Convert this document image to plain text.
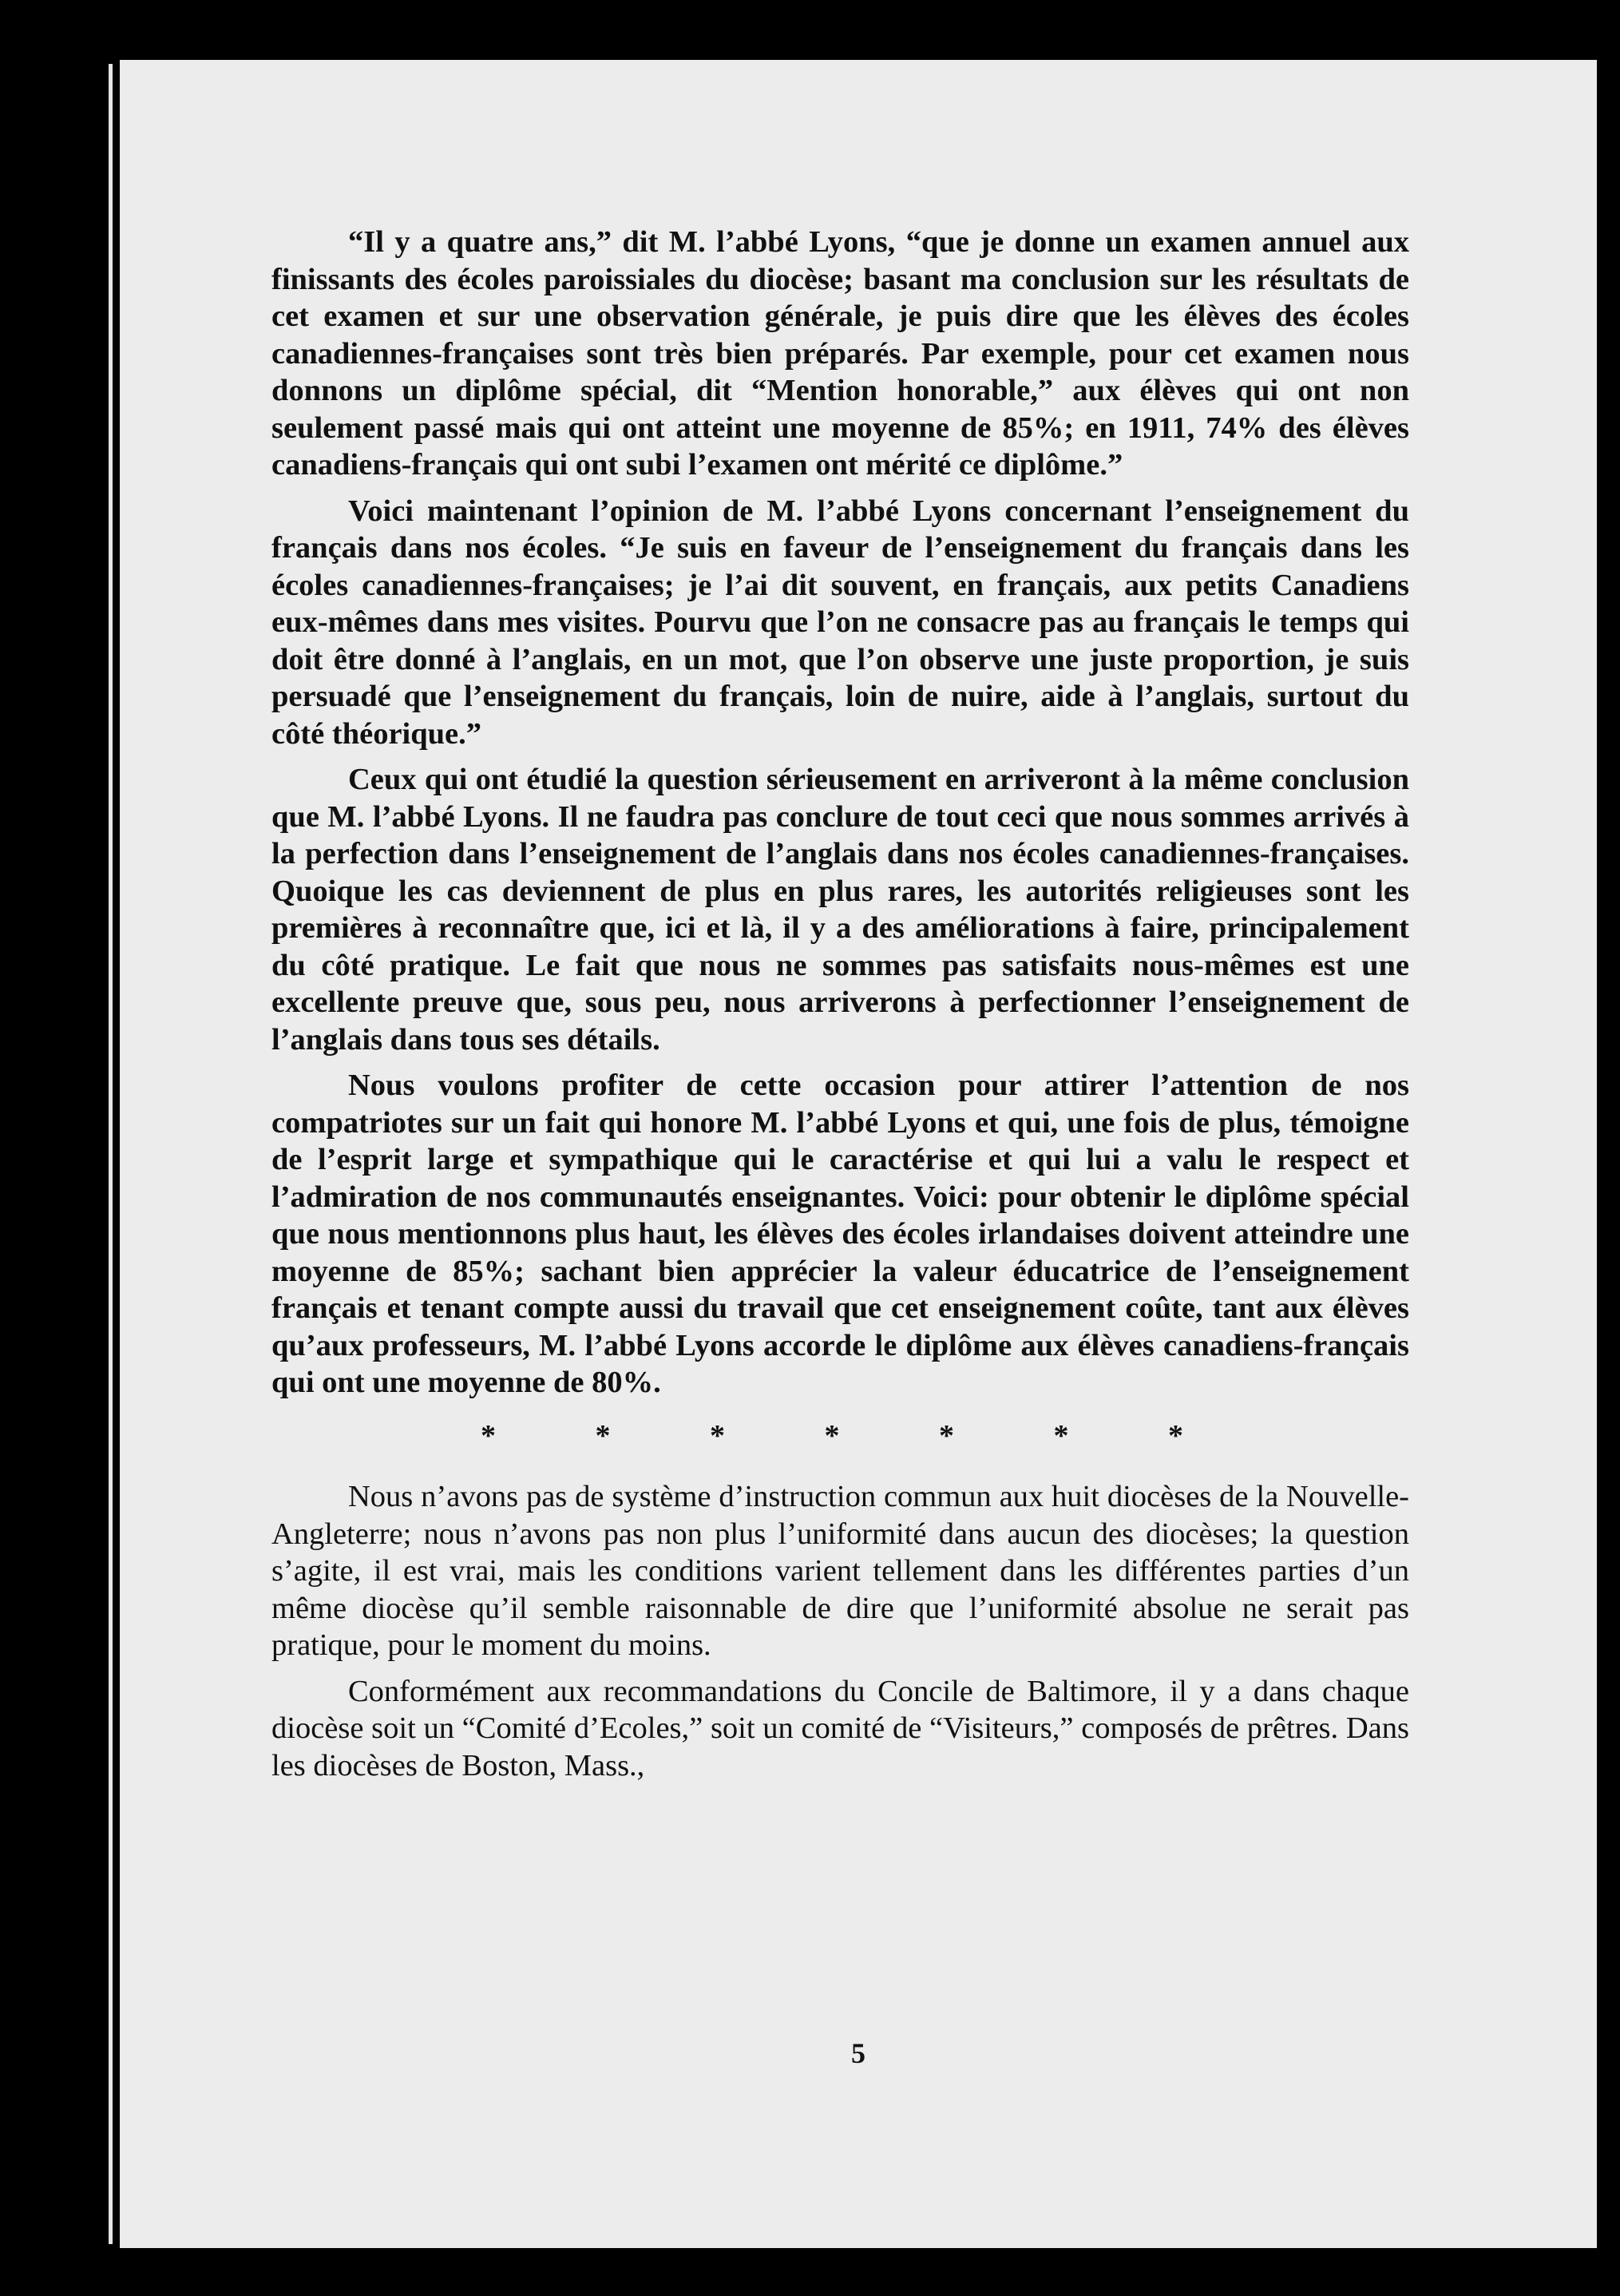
“Il y a quatre ans,” dit M. l’abbé Lyons, “que je donne un examen annuel aux finissants des écoles paroissiales du diocèse; basant ma conclusion sur les résultats de cet examen et sur une observation générale, je puis dire que les élèves des écoles canadiennes-françaises sont très bien préparés. Par exemple, pour cet examen nous donnons un diplôme spécial, dit “Mention honorable,” aux élèves qui ont non seulement passé mais qui ont atteint une moyenne de 85%; en 1911, 74% des élèves canadiens-français qui ont subi l’examen ont mérité ce diplôme.”

Voici maintenant l’opinion de M. l’abbé Lyons concernant l’enseignement du français dans nos écoles. “Je suis en faveur de l’enseignement du français dans les écoles canadiennes-françaises; je l’ai dit souvent, en français, aux petits Canadiens eux-mêmes dans mes visites. Pourvu que l’on ne consacre pas au français le temps qui doit être donné à l’anglais, en un mot, que l’on observe une juste proportion, je suis persuadé que l’enseignement du français, loin de nuire, aide à l’anglais, surtout du côté théorique.”

Ceux qui ont étudié la question sérieusement en arriveront à la même conclusion que M. l’abbé Lyons. Il ne faudra pas conclure de tout ceci que nous sommes arrivés à la perfection dans l’enseignement de l’anglais dans nos écoles canadiennes-françaises. Quoique les cas deviennent de plus en plus rares, les autorités religieuses sont les premières à reconnaître que, ici et là, il y a des améliorations à faire, principalement du côté pratique. Le fait que nous ne sommes pas satisfaits nous-mêmes est une excellente preuve que, sous peu, nous arriverons à perfectionner l’enseignement de l’anglais dans tous ses détails.

Nous voulons profiter de cette occasion pour attirer l’attention de nos compatriotes sur un fait qui honore M. l’abbé Lyons et qui, une fois de plus, témoigne de l’esprit large et sympathique qui le caractérise et qui lui a valu le respect et l’admiration de nos communautés enseignantes. Voici: pour obtenir le diplôme spécial que nous mentionnons plus haut, les élèves des écoles irlandaises doivent atteindre une moyenne de 85%; sachant bien apprécier la valeur éducatrice de l’enseignement français et tenant compte aussi du travail que cet enseignement coûte, tant aux élèves qu’aux professeurs, M. l’abbé Lyons accorde le diplôme aux élèves canadiens-français qui ont une moyenne de 80%.

*	*	*	*	*	*	*

Nous n’avons pas de système d’instruction commun aux huit diocèses de la Nouvelle-Angleterre; nous n’avons pas non plus l’uniformité dans aucun des diocèses; la question s’agite, il est vrai, mais les conditions varient tellement dans les différentes parties d’un même diocèse qu’il semble raisonnable de dire que l’uniformité absolue ne serait pas pratique, pour le moment du moins.

Conformément aux recommandations du Concile de Baltimore, il y a dans chaque diocèse soit un “Comité d’Ecoles,” soit un comité de “Visiteurs,” composés de prêtres. Dans les diocèses de Boston, Mass.,

5
